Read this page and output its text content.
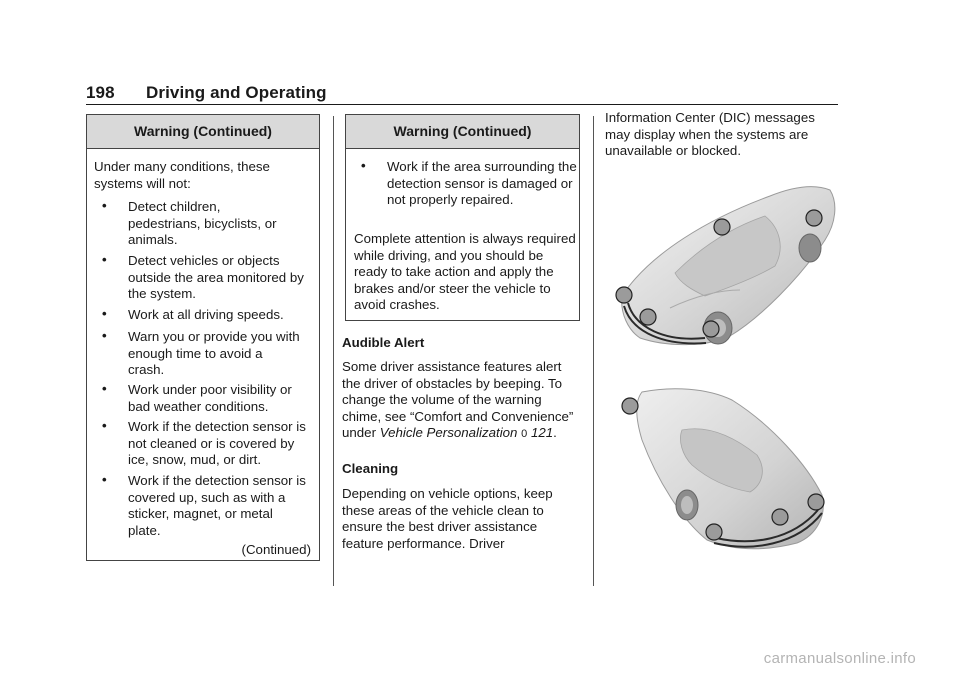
198 Driving and Operating
Warning (Continued)
Under many conditions, these systems will not:
• Detect children, pedestrians, bicyclists, or animals.
• Detect vehicles or objects outside the area monitored by the system.
• Work at all driving speeds.
• Warn you or provide you with enough time to avoid a crash.
• Work under poor visibility or bad weather conditions.
• Work if the detection sensor is not cleaned or is covered by ice, snow, mud, or dirt.
• Work if the detection sensor is covered up, such as with a sticker, magnet, or metal plate.
(Continued)
Warning (Continued)
• Work if the area surrounding the detection sensor is damaged or not properly repaired.
Complete attention is always required while driving, and you should be ready to take action and apply the brakes and/or steer the vehicle to avoid crashes.
Audible Alert
Some driver assistance features alert the driver of obstacles by beeping. To change the volume of the warning chime, see “Comfort and Convenience” under Vehicle Personalization 0 121.
Cleaning
Depending on vehicle options, keep these areas of the vehicle clean to ensure the best driver assistance feature performance. Driver
Information Center (DIC) messages may display when the systems are unavailable or blocked.
carmanualsonline.info
